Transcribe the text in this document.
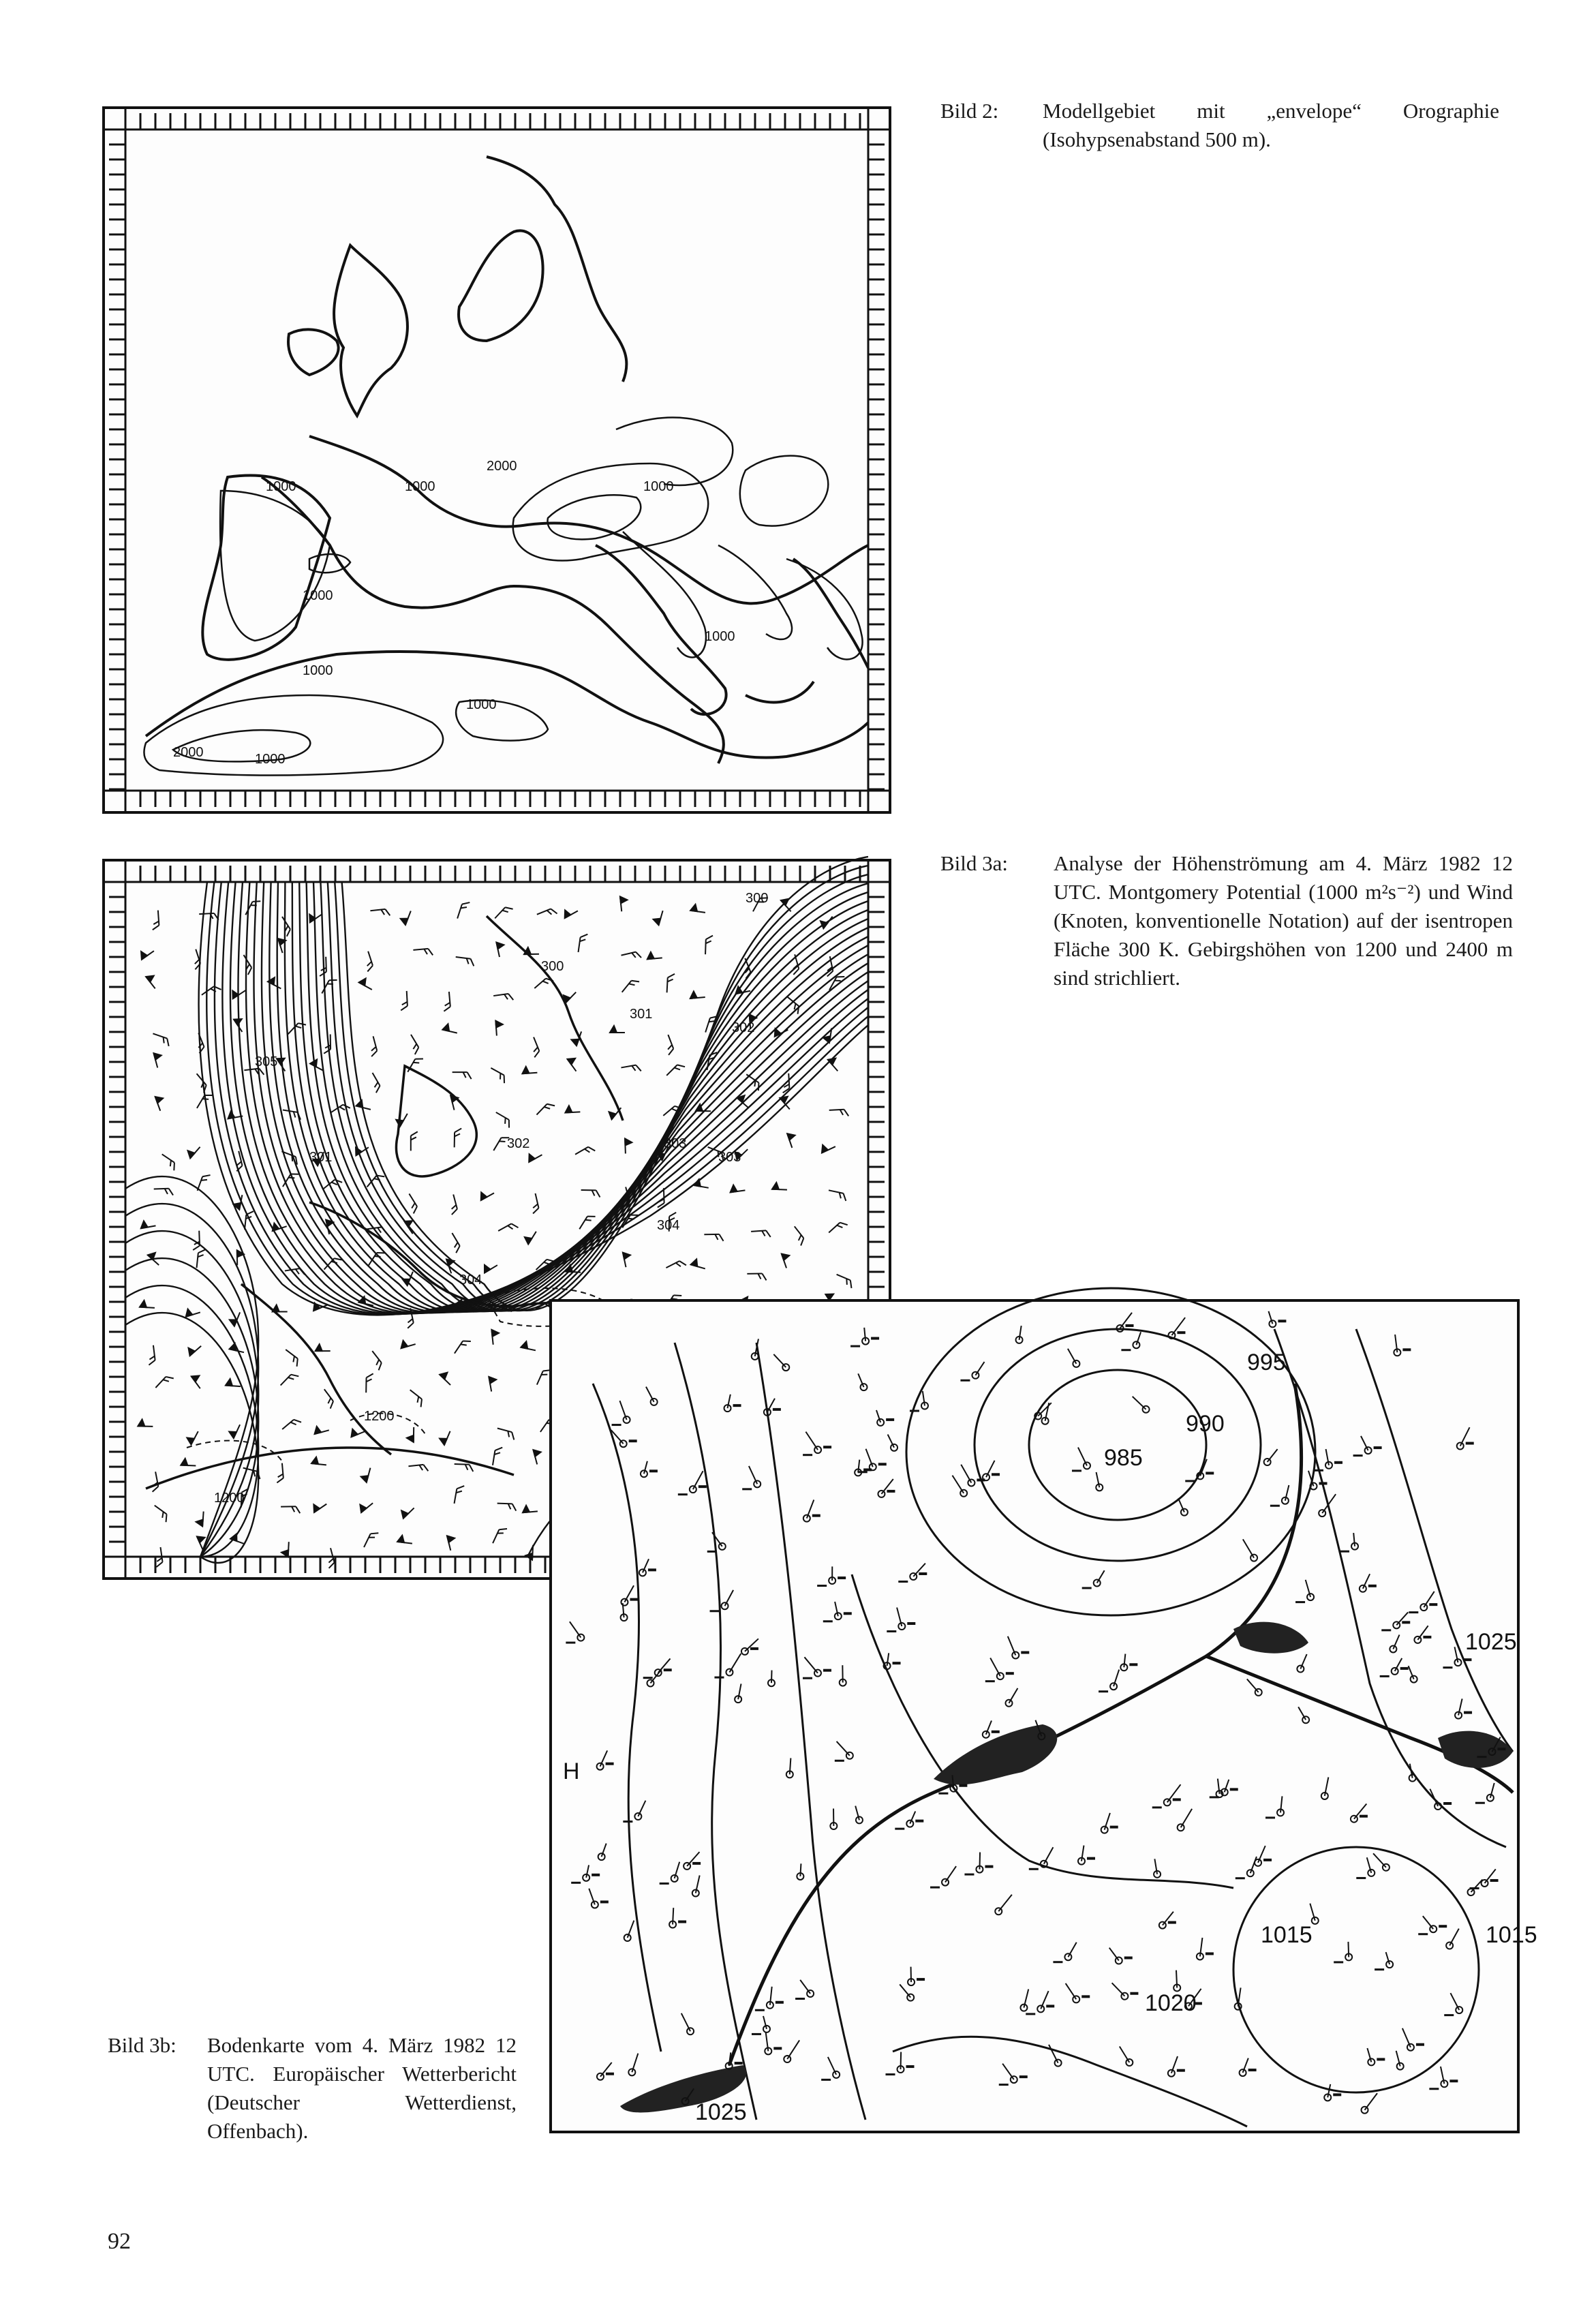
1000	1000
2000
1000
1000
1000
1000
2000	1000
1000
Bild 2: Modellgebiet mit „envelope“ Orographie (Isohypsenabstand 500 m).
300
301
302
303
304
302
303
304
305
301
300
1200
1200
Bild 3a: Analyse der Höhenströmung am 4. März 1982 12 UTC. Montgomery Potential (1000 m²s⁻²) und Wind (Knoten, konventionelle Notation) auf der isentropen Fläche 300 K. Gebirgshöhen von 1200 und 2400 m sind strichliert.
995
990
985
1025
1015
1020
1025
1015
H
Bild 3b: Bodenkarte vom 4. März 1982 12 UTC. Europäischer Wetterbericht (Deutscher Wetterdienst, Offenbach).
92
